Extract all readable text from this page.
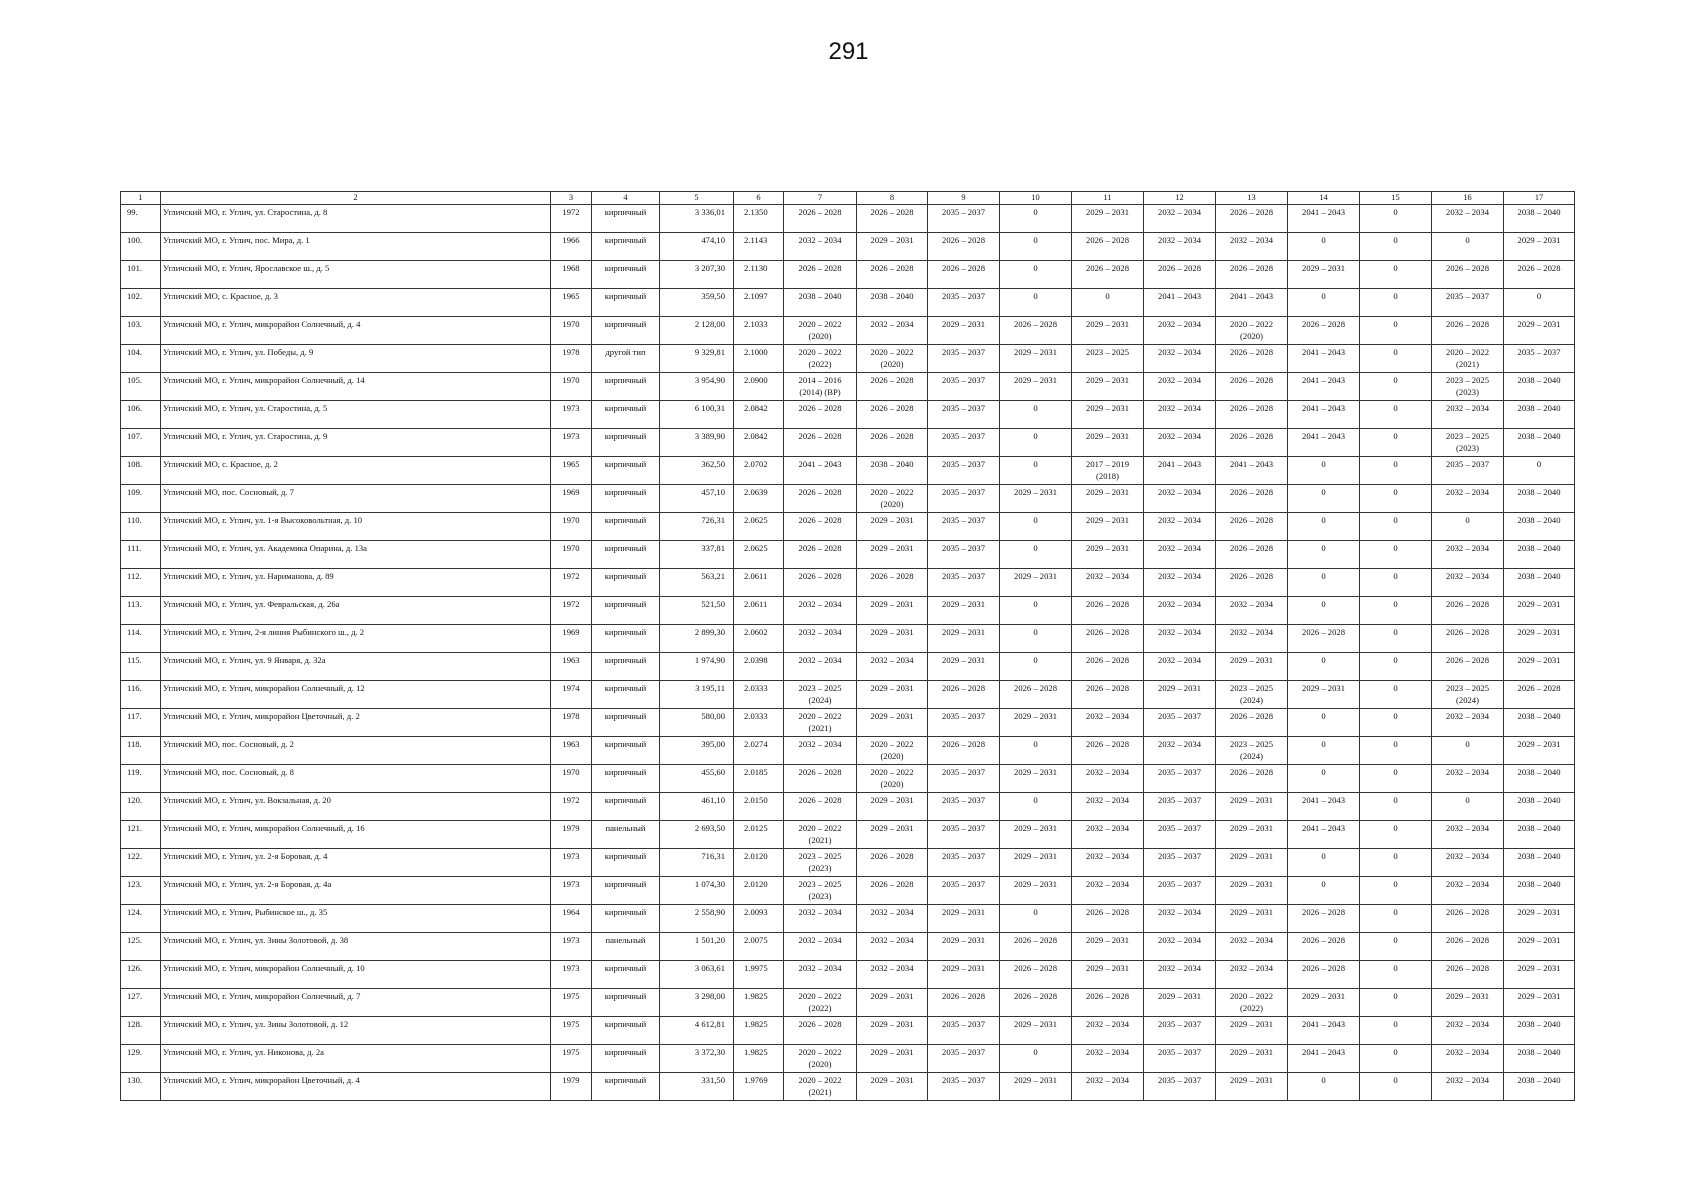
291
1	2	3	4	5	6	7	8	9	10	11	12	13	14	15	16	17
99.	Угличский МО, г. Углич, ул. Старостина, д. 8	1972	кирпичный	3 336,01	2.1350	2026 – 2028	2026 – 2028	2035 – 2037	0	2029 – 2031	2032 – 2034	2026 – 2028	2041 – 2043	0	2032 – 2034	2038 – 2040
100.	Угличский МО, г. Углич, пос. Мира, д. 1	1966	кирпичный	474,10	2.1143	2032 – 2034	2029 – 2031	2026 – 2028	0	2026 – 2028	2032 – 2034	2032 – 2034	0	0	0	2029 – 2031
101.	Угличский МО, г. Углич, Ярославское ш., д. 5	1968	кирпичный	3 207,30	2.1130	2026 – 2028	2026 – 2028	2026 – 2028	0	2026 – 2028	2026 – 2028	2026 – 2028	2029 – 2031	0	2026 – 2028	2026 – 2028
102.	Угличский МО, с. Красное, д. 3	1965	кирпичный	359,50	2.1097	2038 – 2040	2038 – 2040	2035 – 2037	0	0	2041 – 2043	2041 – 2043	0	0	2035 – 2037	0
103.	Угличский МО, г. Углич, микрорайон Солнечный, д. 4	1970	кирпичный	2 128,00	2.1033	2020 – 2022
(2020)	2032 – 2034	2029 – 2031	2026 – 2028	2029 – 2031	2032 – 2034	2020 – 2022
(2020)	2026 – 2028	0	2026 – 2028	2029 – 2031
104.	Угличский МО, г. Углич, ул. Победы, д. 9	1978	другой тип	9 329,81	2.1000	2020 – 2022
(2022)	2020 – 2022
(2020)	2035 – 2037	2029 – 2031	2023 – 2025	2032 – 2034	2026 – 2028	2041 – 2043	0	2020 – 2022
(2021)	2035 – 2037
105.	Угличский МО, г. Углич, микрорайон Солнечный, д. 14	1970	кирпичный	3 954,90	2.0900	2014 – 2016
(2014) (ВР)	2026 – 2028	2035 – 2037	2029 – 2031	2029 – 2031	2032 – 2034	2026 – 2028	2041 – 2043	0	2023 – 2025
(2023)	2038 – 2040
106.	Угличский МО, г. Углич, ул. Старостина, д. 5	1973	кирпичный	6 100,31	2.0842	2026 – 2028	2026 – 2028	2035 – 2037	0	2029 – 2031	2032 – 2034	2026 – 2028	2041 – 2043	0	2032 – 2034	2038 – 2040
107.	Угличский МО, г. Углич, ул. Старостина, д. 9	1973	кирпичный	3 389,90	2.0842	2026 – 2028	2026 – 2028	2035 – 2037	0	2029 – 2031	2032 – 2034	2026 – 2028	2041 – 2043	0	2023 – 2025
(2023)	2038 – 2040
108.	Угличский МО, с. Красное, д. 2	1965	кирпичный	362,50	2.0702	2041 – 2043	2038 – 2040	2035 – 2037	0	2017 – 2019
(2018)	2041 – 2043	2041 – 2043	0	0	2035 – 2037	0
109.	Угличский МО, пос. Сосновый, д. 7	1969	кирпичный	457,10	2.0639	2026 – 2028	2020 – 2022
(2020)	2035 – 2037	2029 – 2031	2029 – 2031	2032 – 2034	2026 – 2028	0	0	2032 – 2034	2038 – 2040
110.	Угличский МО, г. Углич, ул. 1-я Высоковольтная, д. 10	1970	кирпичный	726,31	2.0625	2026 – 2028	2029 – 2031	2035 – 2037	0	2029 – 2031	2032 – 2034	2026 – 2028	0	0	0	2038 – 2040
111.	Угличский МО, г. Углич, ул. Академика Опарина, д. 13а	1970	кирпичный	337,81	2.0625	2026 – 2028	2029 – 2031	2035 – 2037	0	2029 – 2031	2032 – 2034	2026 – 2028	0	0	2032 – 2034	2038 – 2040
112.	Угличский МО, г. Углич, ул. Нариманова, д. 89	1972	кирпичный	563,21	2.0611	2026 – 2028	2026 – 2028	2035 – 2037	2029 – 2031	2032 – 2034	2032 – 2034	2026 – 2028	0	0	2032 – 2034	2038 – 2040
113.	Угличский МО, г. Углич, ул. Февральская, д. 26а	1972	кирпичный	521,50	2.0611	2032 – 2034	2029 – 2031	2029 – 2031	0	2026 – 2028	2032 – 2034	2032 – 2034	0	0	2026 – 2028	2029 – 2031
114.	Угличский МО, г. Углич, 2-я линия Рыбинского ш., д. 2	1969	кирпичный	2 899,30	2.0602	2032 – 2034	2029 – 2031	2029 – 2031	0	2026 – 2028	2032 – 2034	2032 – 2034	2026 – 2028	0	2026 – 2028	2029 – 2031
115.	Угличский МО, г. Углич, ул. 9 Января, д. 32а	1963	кирпичный	1 974,90	2.0398	2032 – 2034	2032 – 2034	2029 – 2031	0	2026 – 2028	2032 – 2034	2029 – 2031	0	0	2026 – 2028	2029 – 2031
116.	Угличский МО, г. Углич, микрорайон Солнечный, д. 12	1974	кирпичный	3 195,11	2.0333	2023 – 2025
(2024)	2029 – 2031	2026 – 2028	2026 – 2028	2026 – 2028	2029 – 2031	2023 – 2025
(2024)	2029 – 2031	0	2023 – 2025
(2024)	2026 – 2028
117.	Угличский МО, г. Углич, микрорайон Цветочный, д. 2	1978	кирпичный	580,00	2.0333	2020 – 2022
(2021)	2029 – 2031	2035 – 2037	2029 – 2031	2032 – 2034	2035 – 2037	2026 – 2028	0	0	2032 – 2034	2038 – 2040
118.	Угличский МО, пос. Сосновый, д. 2	1963	кирпичный	395,00	2.0274	2032 – 2034	2020 – 2022
(2020)	2026 – 2028	0	2026 – 2028	2032 – 2034	2023 – 2025
(2024)	0	0	0	2029 – 2031
119.	Угличский МО, пос. Сосновый, д. 8	1970	кирпичный	455,60	2.0185	2026 – 2028	2020 – 2022
(2020)	2035 – 2037	2029 – 2031	2032 – 2034	2035 – 2037	2026 – 2028	0	0	2032 – 2034	2038 – 2040
120.	Угличский МО, г. Углич, ул. Вокзальная, д. 20	1972	кирпичный	461,10	2.0150	2026 – 2028	2029 – 2031	2035 – 2037	0	2032 – 2034	2035 – 2037	2029 – 2031	2041 – 2043	0	0	2038 – 2040
121.	Угличский МО, г. Углич, микрорайон Солнечный, д. 16	1979	панельный	2 693,50	2.0125	2020 – 2022
(2021)	2029 – 2031	2035 – 2037	2029 – 2031	2032 – 2034	2035 – 2037	2029 – 2031	2041 – 2043	0	2032 – 2034	2038 – 2040
122.	Угличский МО, г. Углич, ул. 2-я Боровая, д. 4	1973	кирпичный	716,31	2.0120	2023 – 2025
(2023)	2026 – 2028	2035 – 2037	2029 – 2031	2032 – 2034	2035 – 2037	2029 – 2031	0	0	2032 – 2034	2038 – 2040
123.	Угличский МО, г. Углич, ул. 2-я Боровая, д. 4а	1973	кирпичный	1 074,30	2.0120	2023 – 2025
(2023)	2026 – 2028	2035 – 2037	2029 – 2031	2032 – 2034	2035 – 2037	2029 – 2031	0	0	2032 – 2034	2038 – 2040
124.	Угличский МО, г. Углич, Рыбинское ш., д. 35	1964	кирпичный	2 558,90	2.0093	2032 – 2034	2032 – 2034	2029 – 2031	0	2026 – 2028	2032 – 2034	2029 – 2031	2026 – 2028	0	2026 – 2028	2029 – 2031
125.	Угличский МО, г. Углич, ул. Зины Золотовой, д. 38	1973	панельный	1 501,20	2.0075	2032 – 2034	2032 – 2034	2029 – 2031	2026 – 2028	2029 – 2031	2032 – 2034	2032 – 2034	2026 – 2028	0	2026 – 2028	2029 – 2031
126.	Угличский МО, г. Углич, микрорайон Солнечный, д. 10	1973	кирпичный	3 063,61	1.9975	2032 – 2034	2032 – 2034	2029 – 2031	2026 – 2028	2029 – 2031	2032 – 2034	2032 – 2034	2026 – 2028	0	2026 – 2028	2029 – 2031
127.	Угличский МО, г. Углич, микрорайон Солнечный, д. 7	1975	кирпичный	3 298,00	1.9825	2020 – 2022
(2022)	2029 – 2031	2026 – 2028	2026 – 2028	2026 – 2028	2029 – 2031	2020 – 2022
(2022)	2029 – 2031	0	2029 – 2031	2029 – 2031
128.	Угличский МО, г. Углич, ул. Зины Золотовой, д. 12	1975	кирпичный	4 612,81	1.9825	2026 – 2028	2029 – 2031	2035 – 2037	2029 – 2031	2032 – 2034	2035 – 2037	2029 – 2031	2041 – 2043	0	2032 – 2034	2038 – 2040
129.	Угличский МО, г. Углич, ул. Никонова, д. 2а	1975	кирпичный	3 372,30	1.9825	2020 – 2022
(2020)	2029 – 2031	2035 – 2037	0	2032 – 2034	2035 – 2037	2029 – 2031	2041 – 2043	0	2032 – 2034	2038 – 2040
130.	Угличский МО, г. Углич, микрорайон Цветочный, д. 4	1979	кирпичный	331,50	1.9769	2020 – 2022
(2021)	2029 – 2031	2035 – 2037	2029 – 2031	2032 – 2034	2035 – 2037	2029 – 2031	0	0	2032 – 2034	2038 – 2040
